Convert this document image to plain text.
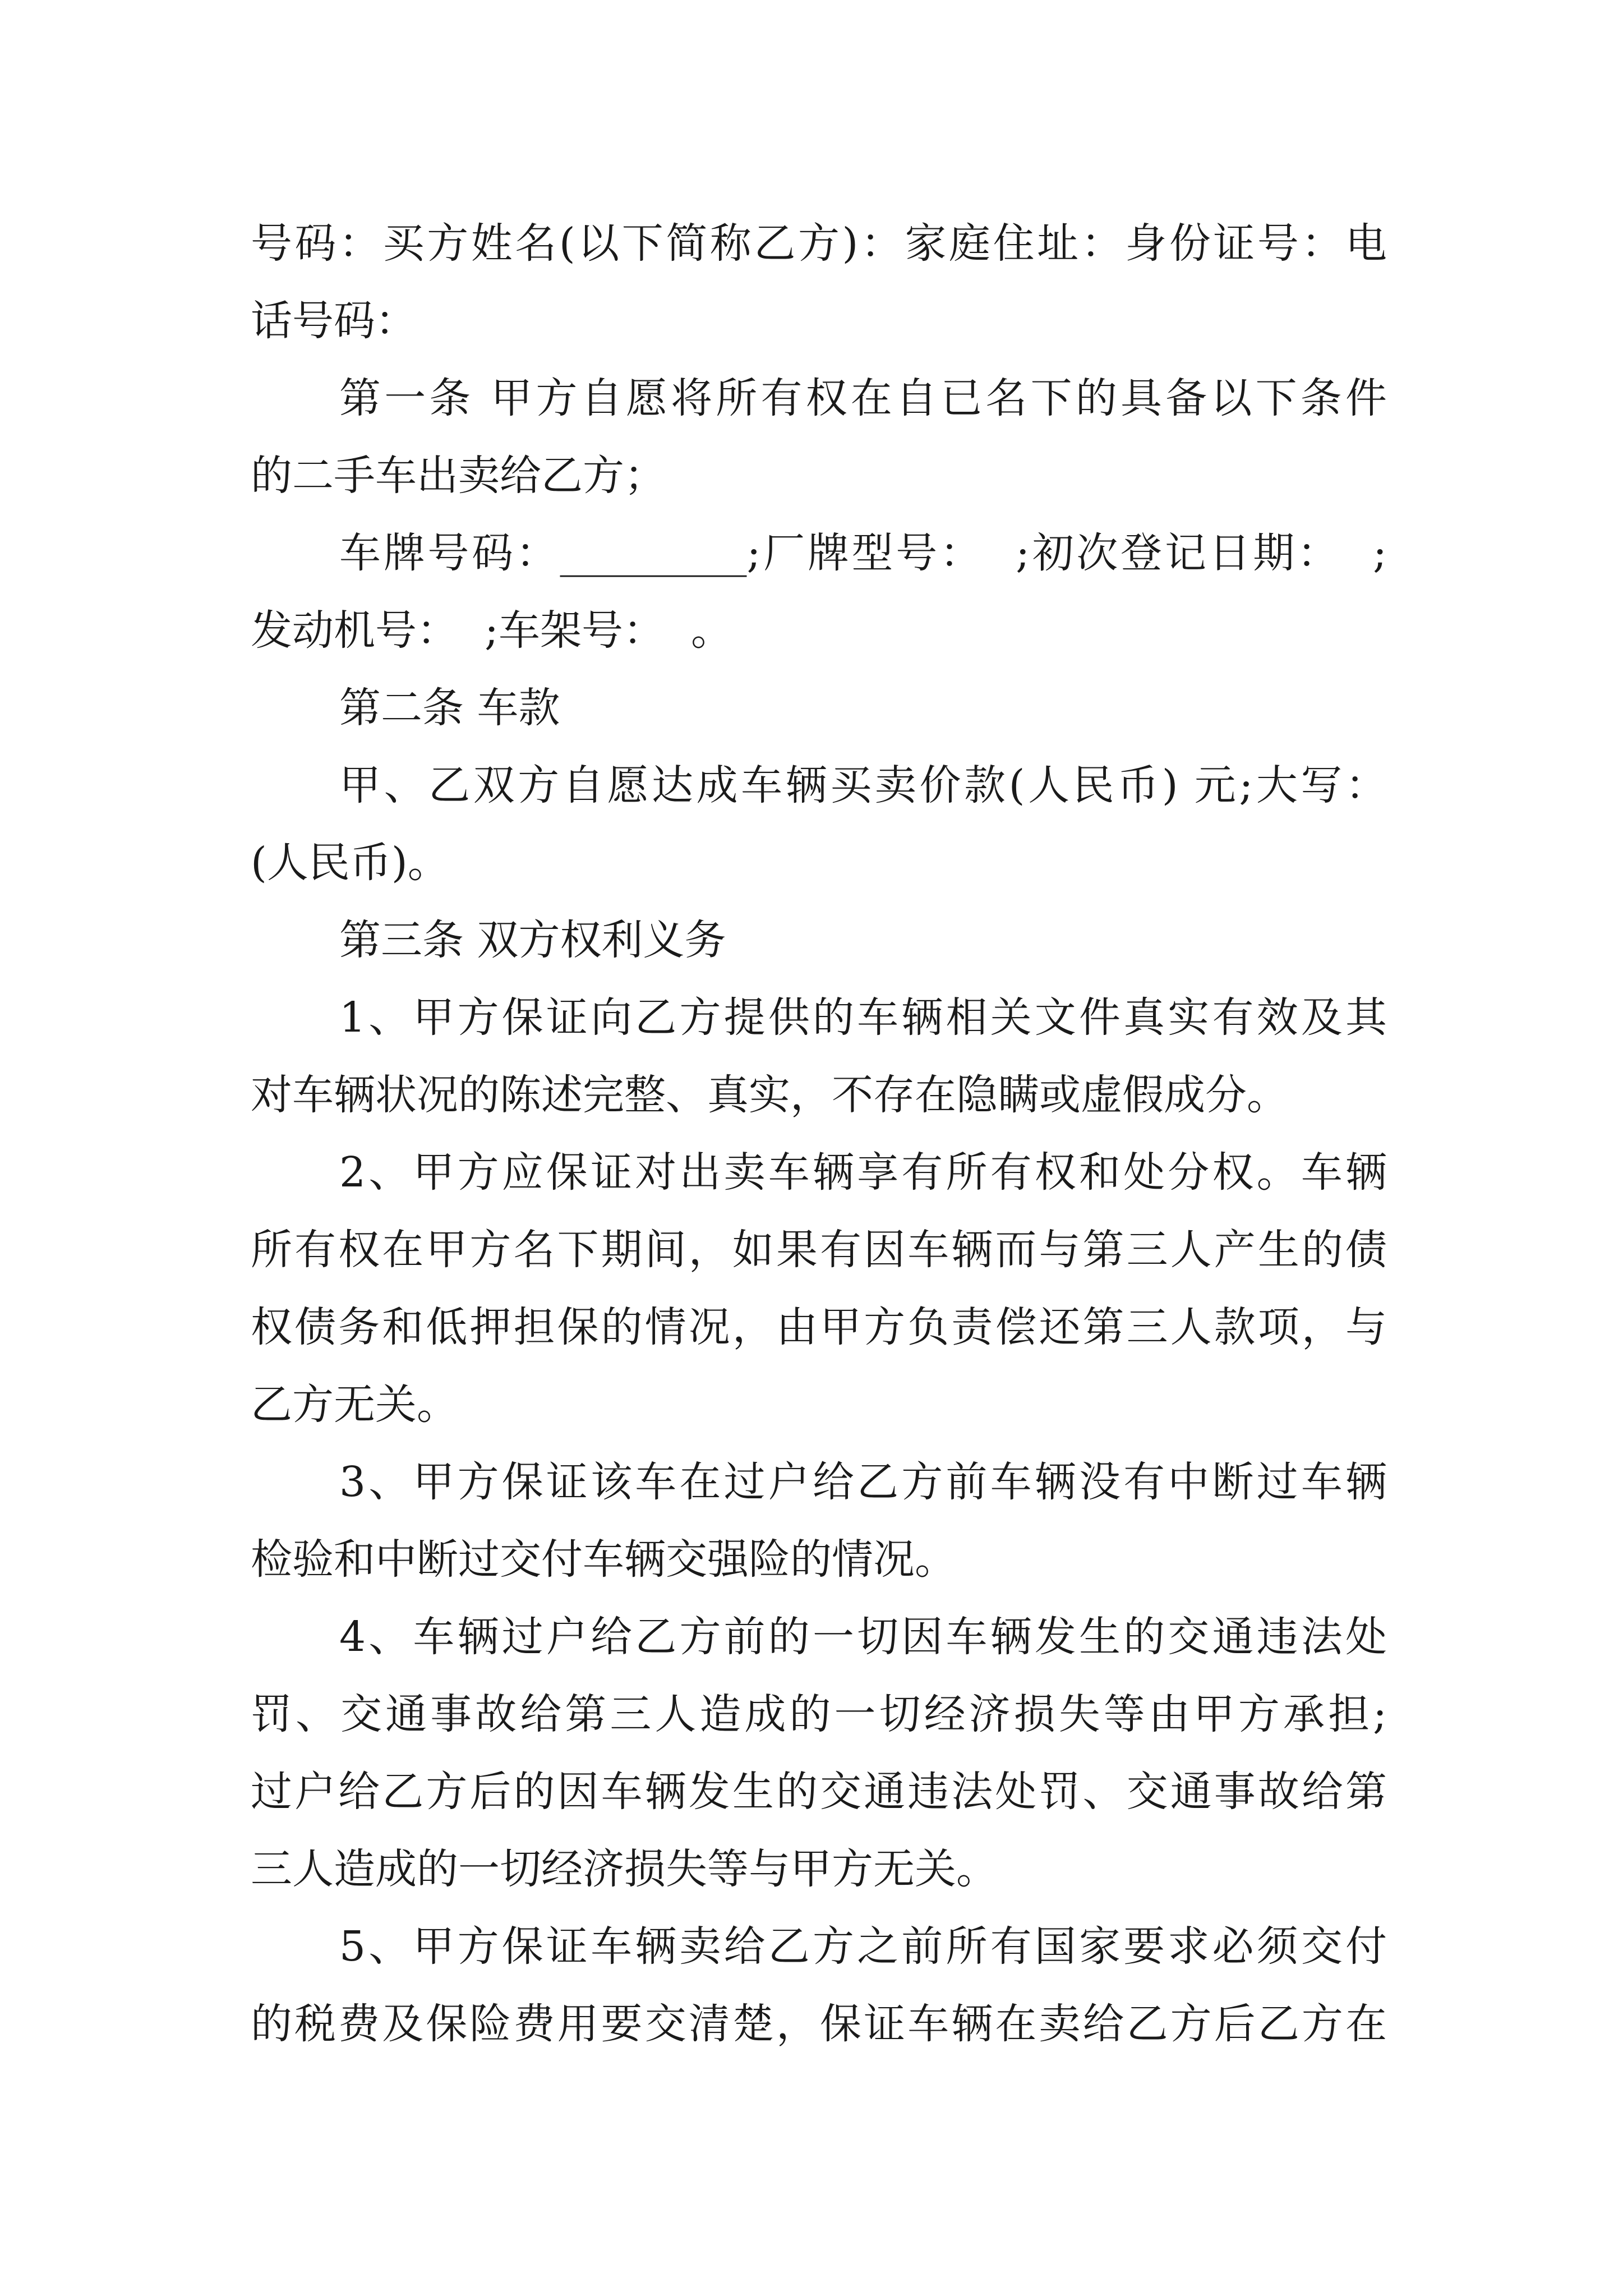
号码：买方姓名(以下简称乙方)：家庭住址：身份证号：电
话号码：
第一条 甲方自愿将所有权在自已名下的具备以下条件
的二手车出卖给乙方；
车牌号码：_________;厂牌型号：  ;初次登记日期：  ;
发动机号：  ;车架号：  。
第二条 车款
甲、乙双方自愿达成车辆买卖价款(人民币) 元;大写：
(人民币)。
第三条 双方权利义务
1、甲方保证向乙方提供的车辆相关文件真实有效及其
对车辆状况的陈述完整、真实，不存在隐瞒或虚假成分。
2、甲方应保证对出卖车辆享有所有权和处分权。车辆
所有权在甲方名下期间，如果有因车辆而与第三人产生的债
权债务和低押担保的情况，由甲方负责偿还第三人款项，与
乙方无关。
3、甲方保证该车在过户给乙方前车辆没有中断过车辆
检验和中断过交付车辆交强险的情况。
4、车辆过户给乙方前的一切因车辆发生的交通违法处
罚、交通事故给第三人造成的一切经济损失等由甲方承担;
过户给乙方后的因车辆发生的交通违法处罚、交通事故给第
三人造成的一切经济损失等与甲方无关。
5、甲方保证车辆卖给乙方之前所有国家要求必须交付
的税费及保险费用要交清楚，保证车辆在卖给乙方后乙方在
